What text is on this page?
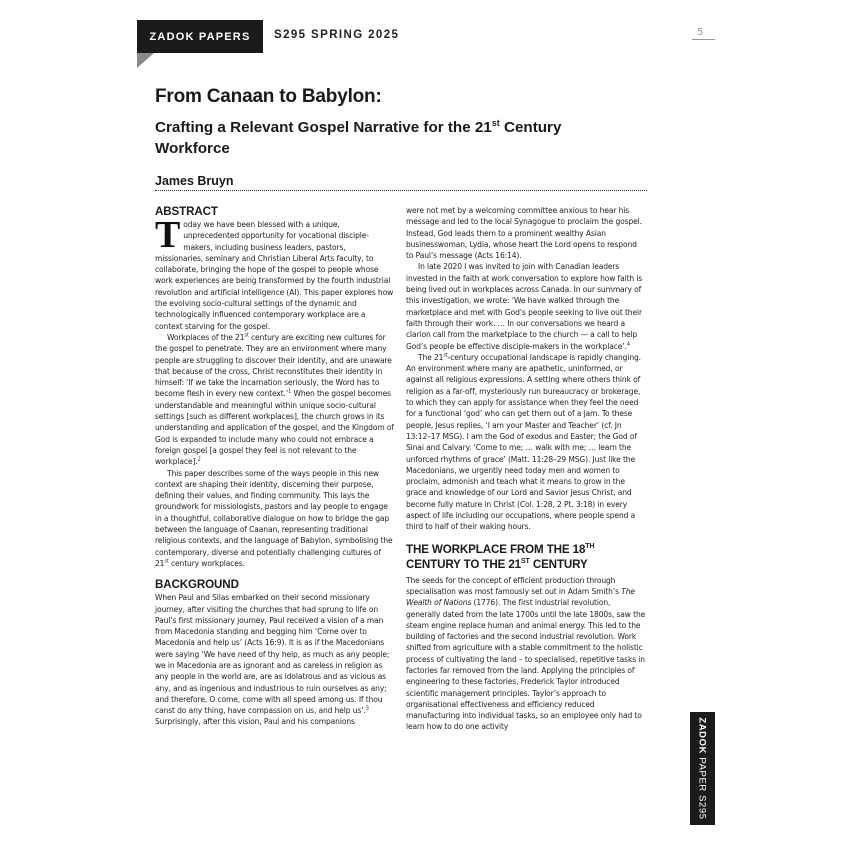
ZADOK PAPERS S295 SPRING 2025	5
From Canaan to Babylon:
Crafting a Relevant Gospel Narrative for the 21st Century Workforce
James Bruyn
ABSTRACT

Today we have been blessed with a unique, unprecedented opportunity for vocational disciple-makers, including business leaders, pastors, missionaries, seminary and Christian Liberal Arts faculty, to collaborate, bringing the hope of the gospel to people whose work experiences are being transformed by the fourth industrial revolution and artificial intelligence (AI). This paper explores how the evolving socio-cultural settings of the dynamic and technologically influenced contemporary workplace are a context starving for the gospel.

Workplaces of the 21st century are exciting new cultures for the gospel to penetrate. They are an environment where many people are struggling to discover their identity, and are unaware that because of the cross, Christ reconstitutes their identity in himself: ‘If we take the incarnation seriously, the Word has to become flesh in every new context.’$^1$ When the gospel becomes understandable and meaningful within unique socio-cultural settings [such as different workplaces], the church grows in its understanding and application of the gospel, and the Kingdom of God is expanded to include many who could not embrace a foreign gospel [a gospel they feel is not relevant to the workplace].$^2$

This paper describes some of the ways people in this new context are shaping their identity, discerning their purpose, defining their values, and finding community. This lays the groundwork for missiologists, pastors and lay people to engage in a thoughtful, collaborative dialogue on how to bridge the gap between the language of Caanan, representing traditional religious contexts, and the language of Babylon, symbolising the contemporary, diverse and potentially challenging cultures of 21st century workplaces.

BACKGROUND

When Paul and Silas embarked on their second missionary journey, after visiting the churches that had sprung to life on Paul’s first missionary journey, Paul received a vision of a man from Macedonia standing and begging him ‘Come over to Macedonia and help us’ (Acts 16:9). It is as if the Macedonians were saying ‘We have need of thy help, as much as any people; we in Macedonia are as ignorant and as careless in religion as any people in the world are, are as idolatrous and as vicious as any, and as ingenious and industrious to ruin ourselves as any; and therefore, O come, come with all speed among us. If thou canst do any thing, have compassion on us, and help us’.$^3$ Surprisingly, after this vision, Paul and his companions

were not met by a welcoming committee anxious to hear his message and led to the local Synagogue to proclaim the gospel. Instead, God leads them to a prominent wealthy Asian businesswoman, Lydia, whose heart the Lord opens to respond to Paul’s message (Acts 16:14).

In late 2020 I was invited to join with Canadian leaders invested in the faith at work conversation to explore how faith is being lived out in workplaces across Canada. In our summary of this investigation, we wrote: ‘We have walked through the marketplace and met with God’s people seeking to live out their faith through their work. … In our conversations we heard a clarion call from the marketplace to the church — a call to help God’s people be effective disciple-makers in the workplace’.$^4$

The 21st-century occupational landscape is rapidly changing. An environment where many are apathetic, uninformed, or against all religious expressions. A setting where others think of religion as a far-off, mysteriously run bureaucracy or brokerage, to which they can apply for assistance when they feel the need for a functional ‘god’ who can get them out of a jam. To these people, Jesus replies, ‘I am your Master and Teacher’ (cf. Jn 13:12–17 MSG). I am the God of exodus and Easter; the God of Sinai and Calvary. ‘Come to me; … walk with me; … learn the unforced rhythms of grace’ (Matt. 11:28–29 MSG). Just like the Macedonians, we urgently need today men and women to proclaim, admonish and teach what it means to grow in the grace and knowledge of our Lord and Savior Jesus Christ, and become fully mature in Christ (Col. 1:28, 2 Pt. 3:18) in every aspect of life including our occupations, where people spend a third to half of their waking hours.

THE WORKPLACE FROM THE 18TH CENTURY TO THE 21ST CENTURY

The seeds for the concept of efficient production through specialisation was most famously set out in Adam Smith’s The Wealth of Nations (1776). The first industrial revolution, generally dated from the late 1700s until the late 1800s, saw the steam engine replace human and animal energy. This led to the building of factories and the second industrial revolution. Work shifted from agriculture with a stable commitment to the holistic process of cultivating the land – to specialised, repetitive tasks in factories far removed from the land. Applying the principles of engineering to these factories, Frederick Taylor introduced scientific management principles. Taylor’s approach to organisational effectiveness and efficiency reduced manufacturing into individual tasks, so an employee only had to learn how to do one activity	ZADOK PAPER S295
